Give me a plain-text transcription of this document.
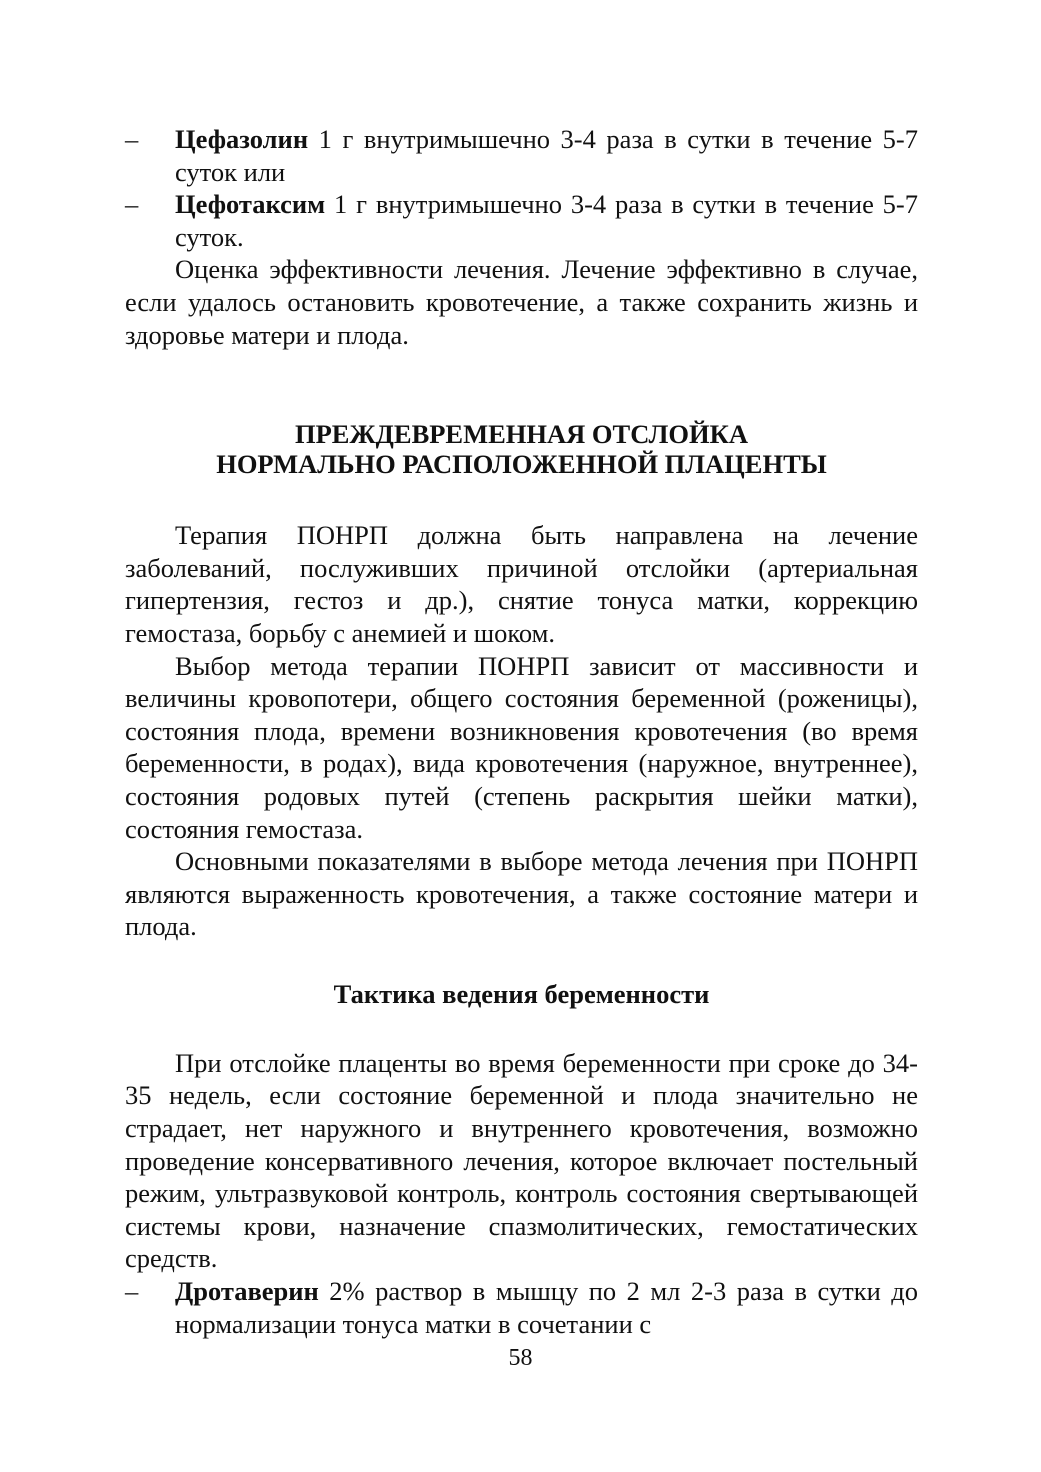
– Цефазолин 1 г внутримышечно 3-4 раза в сутки в течение 5-7 суток или
– Цефотаксим 1 г внутримышечно 3-4 раза в сутки в течение 5-7 суток.

Оценка эффективности лечения. Лечение эффективно в случае, если удалось остановить кровотечение, а также сохранить жизнь и здоровье матери и плода.

ПРЕЖДЕВРЕМЕННАЯ ОТСЛОЙКА
НОРМАЛЬНО РАСПОЛОЖЕННОЙ ПЛАЦЕНТЫ

Терапия ПОНРП должна быть направлена на лечение заболеваний, послуживших причиной отслойки (артериальная гипертензия, гестоз и др.), снятие тонуса матки, коррекцию гемостаза, борьбу с анемией и шоком.

Выбор метода терапии ПОНРП зависит от массивности и величины кровопотери, общего состояния беременной (роженицы), состояния плода, времени возникновения кровотечения (во время беременности, в родах), вида кровотечения (наружное, внутреннее), состояния родовых путей (степень раскрытия шейки матки), состояния гемостаза.

Основными показателями в выборе метода лечения при ПОНРП являются выраженность кровотечения, а также состояние матери и плода.

Тактика ведения беременности

При отслойке плаценты во время беременности при сроке до 34-35 недель, если состояние беременной и плода значительно не страдает, нет наружного и внутреннего кровотечения, возможно проведение консервативного лечения, которое включает постельный режим, ультразвуковой контроль, контроль состояния свертывающей системы крови, назначение спазмолитических, гемостатических средств.

– Дротаверин 2% раствор в мышцу по 2 мл 2-3 раза в сутки до нормализации тонуса матки в сочетании с
58
